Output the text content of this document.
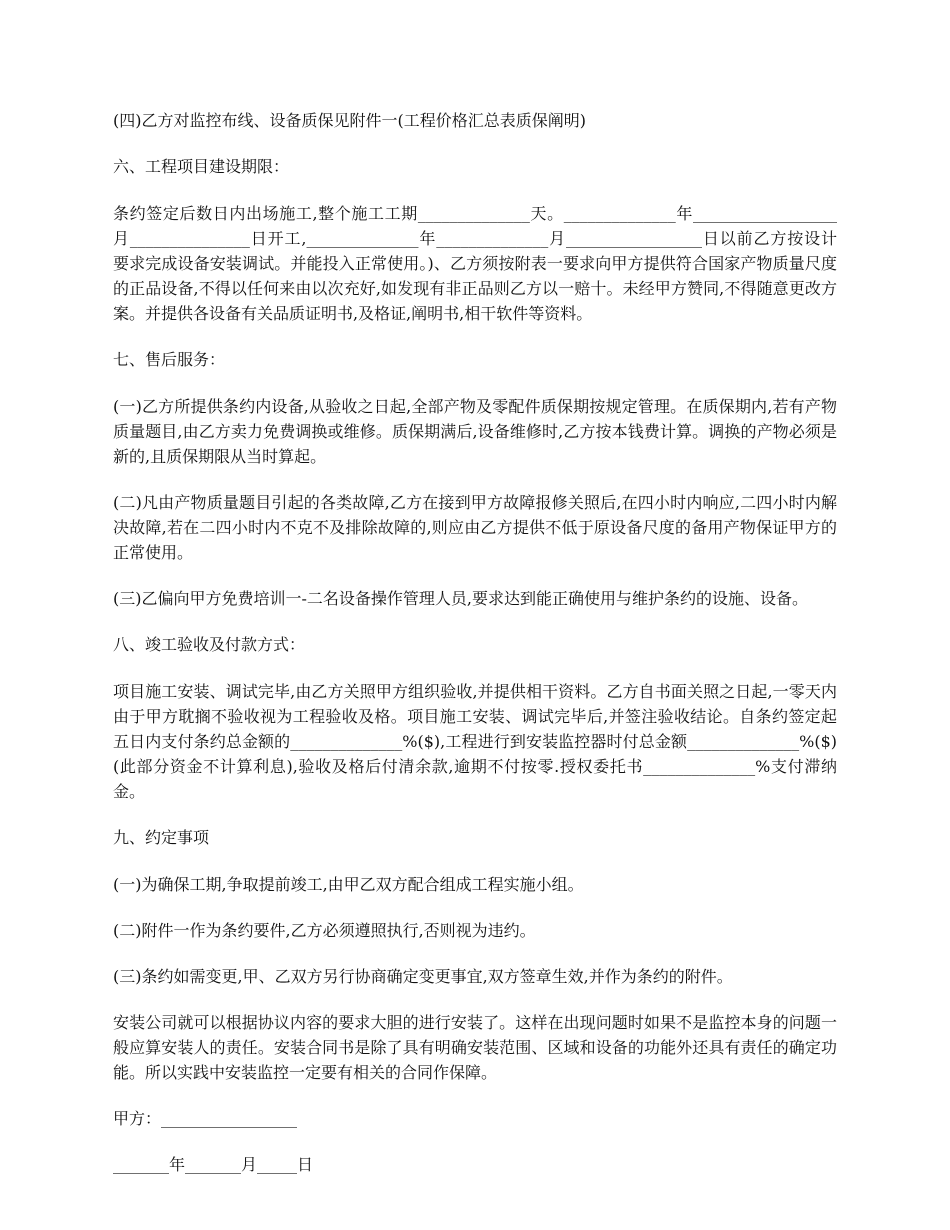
(四)乙方对监控布线、设备质保见附件一(工程价格汇总表质保阐明)

六、工程项目建设期限：

条约签定后数日内出场施工,整个施工工期______________天。______________年__________________月_______________日开工,______________年______________月_________________日以前乙方按设计要求完成设备安装调试。并能投入正常使用。)、乙方须按附表一要求向甲方提供符合国家产物质量尺度的正品设备,不得以任何来由以次充好,如发现有非正品则乙方以一赔十。未经甲方赞同,不得随意更改方案。并提供各设备有关品质证明书,及格证,阐明书,相干软件等资料。

七、售后服务：

(一)乙方所提供条约内设备,从验收之日起,全部产物及零配件质保期按规定管理。在质保期内,若有产物质量题目,由乙方卖力免费调换或维修。质保期满后,设备维修时,乙方按本钱费计算。调换的产物必须是新的,且质保期限从当时算起。

(二)凡由产物质量题目引起的各类故障,乙方在接到甲方故障报修关照后,在四小时内响应,二四小时内解决故障,若在二四小时内不克不及排除故障的,则应由乙方提供不低于原设备尺度的备用产物保证甲方的正常使用。

(三)乙偏向甲方免费培训一-二名设备操作管理人员,要求达到能正确使用与维护条约的设施、设备。

八、竣工验收及付款方式：

项目施工安装、调试完毕,由乙方关照甲方组织验收,并提供相干资料。乙方自书面关照之日起,一零天内由于甲方耽搁不验收视为工程验收及格。项目施工安装、调试完毕后,并签注验收结论。自条约签定起五日内支付条约总金额的______________%($),工程进行到安装监控器时付总金额______________%($)(此部分资金不计算利息),验收及格后付清余款,逾期不付按零.授权委托书______________%支付滞纳金。

九、约定事项

(一)为确保工期,争取提前竣工,由甲乙双方配合组成工程实施小组。

(二)附件一作为条约要件,乙方必须遵照执行,否则视为违约。

(三)条约如需变更,甲、乙双方另行协商确定变更事宜,双方签章生效,并作为条约的附件。

安装公司就可以根据协议内容的要求大胆的进行安装了。这样在出现问题时如果不是监控本身的问题一般应算安装人的责任。安装合同书是除了具有明确安装范围、区域和设备的功能外还具有责任的确定功能。所以实践中安装监控一定要有相关的合同作保障。

甲方：_________________

_______年_______月_____日
